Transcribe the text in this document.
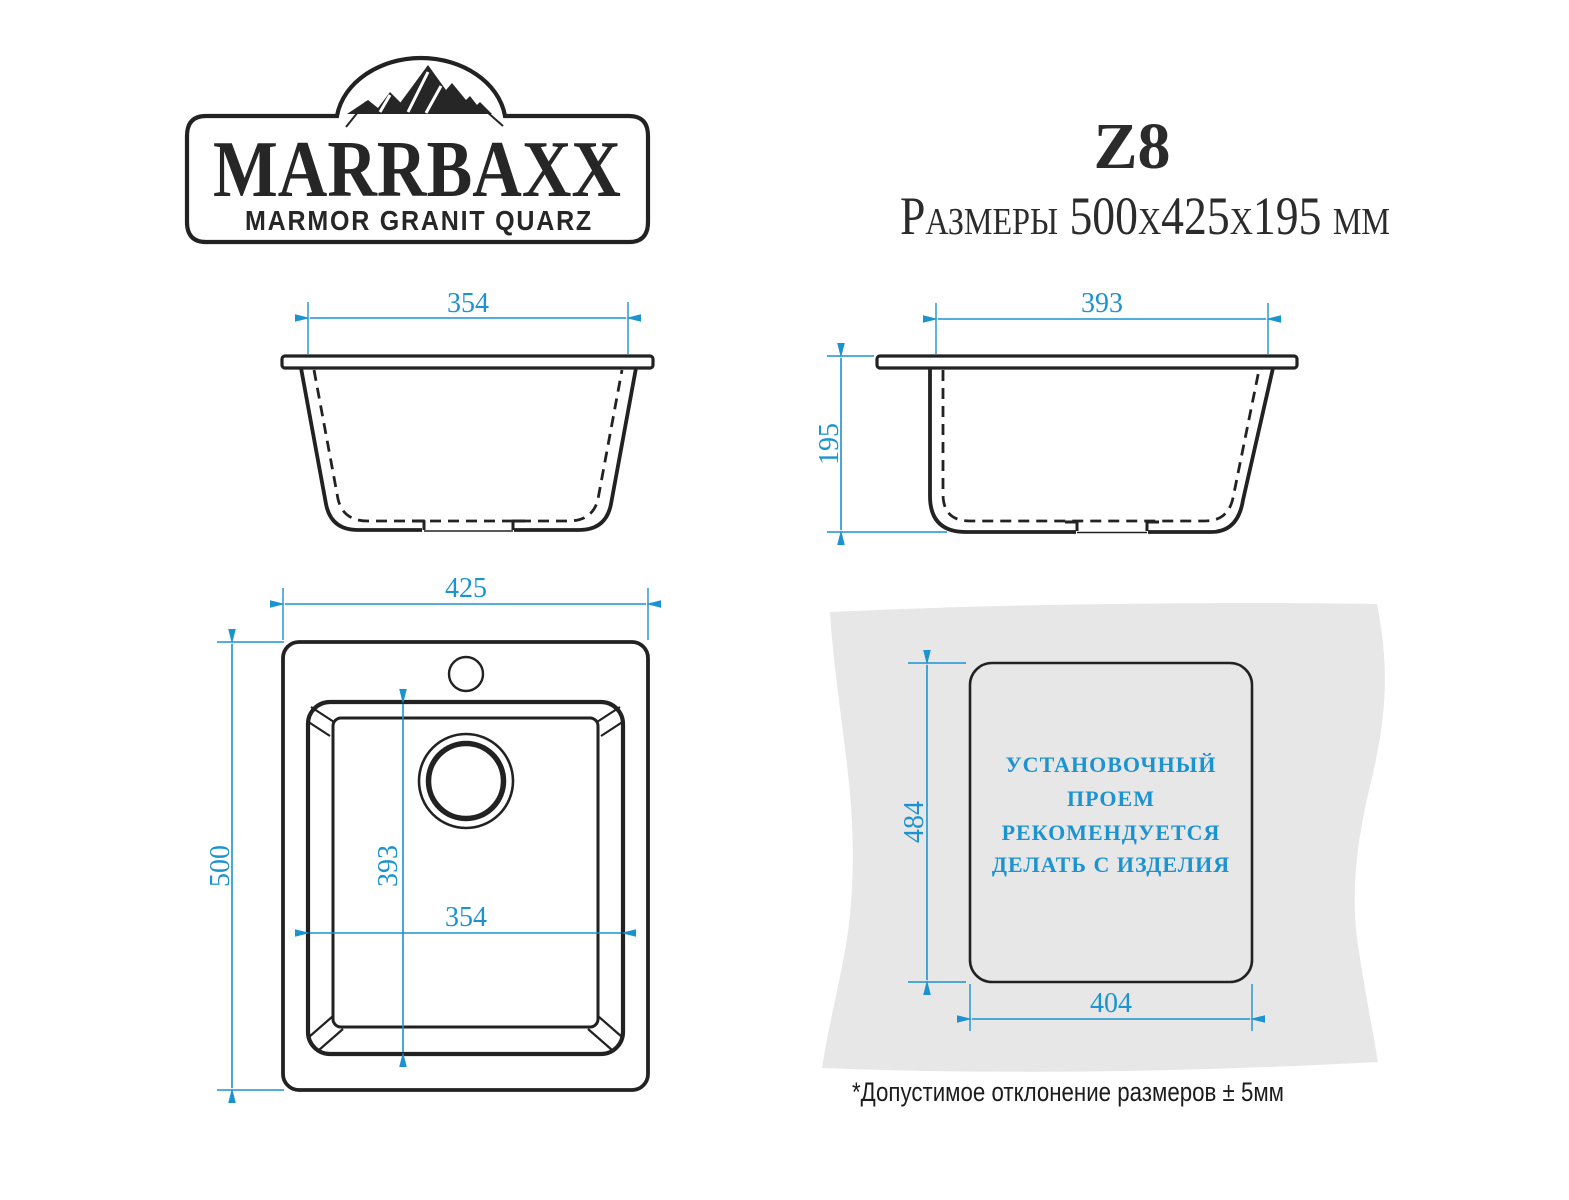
MARRBAXX
MARMOR GRANIT QUARZ
Z8
Размеры 500x425x195 мм
354	393
195
425
500	393
354
УСТАНОВОЧНЫЙ
ПРОЕМ
РЕКОМЕНДУЕТСЯ
ДЕЛАТЬ С ИЗДЕЛИЯ
484
404
*Допустимое отклонение размеров ± 5мм
